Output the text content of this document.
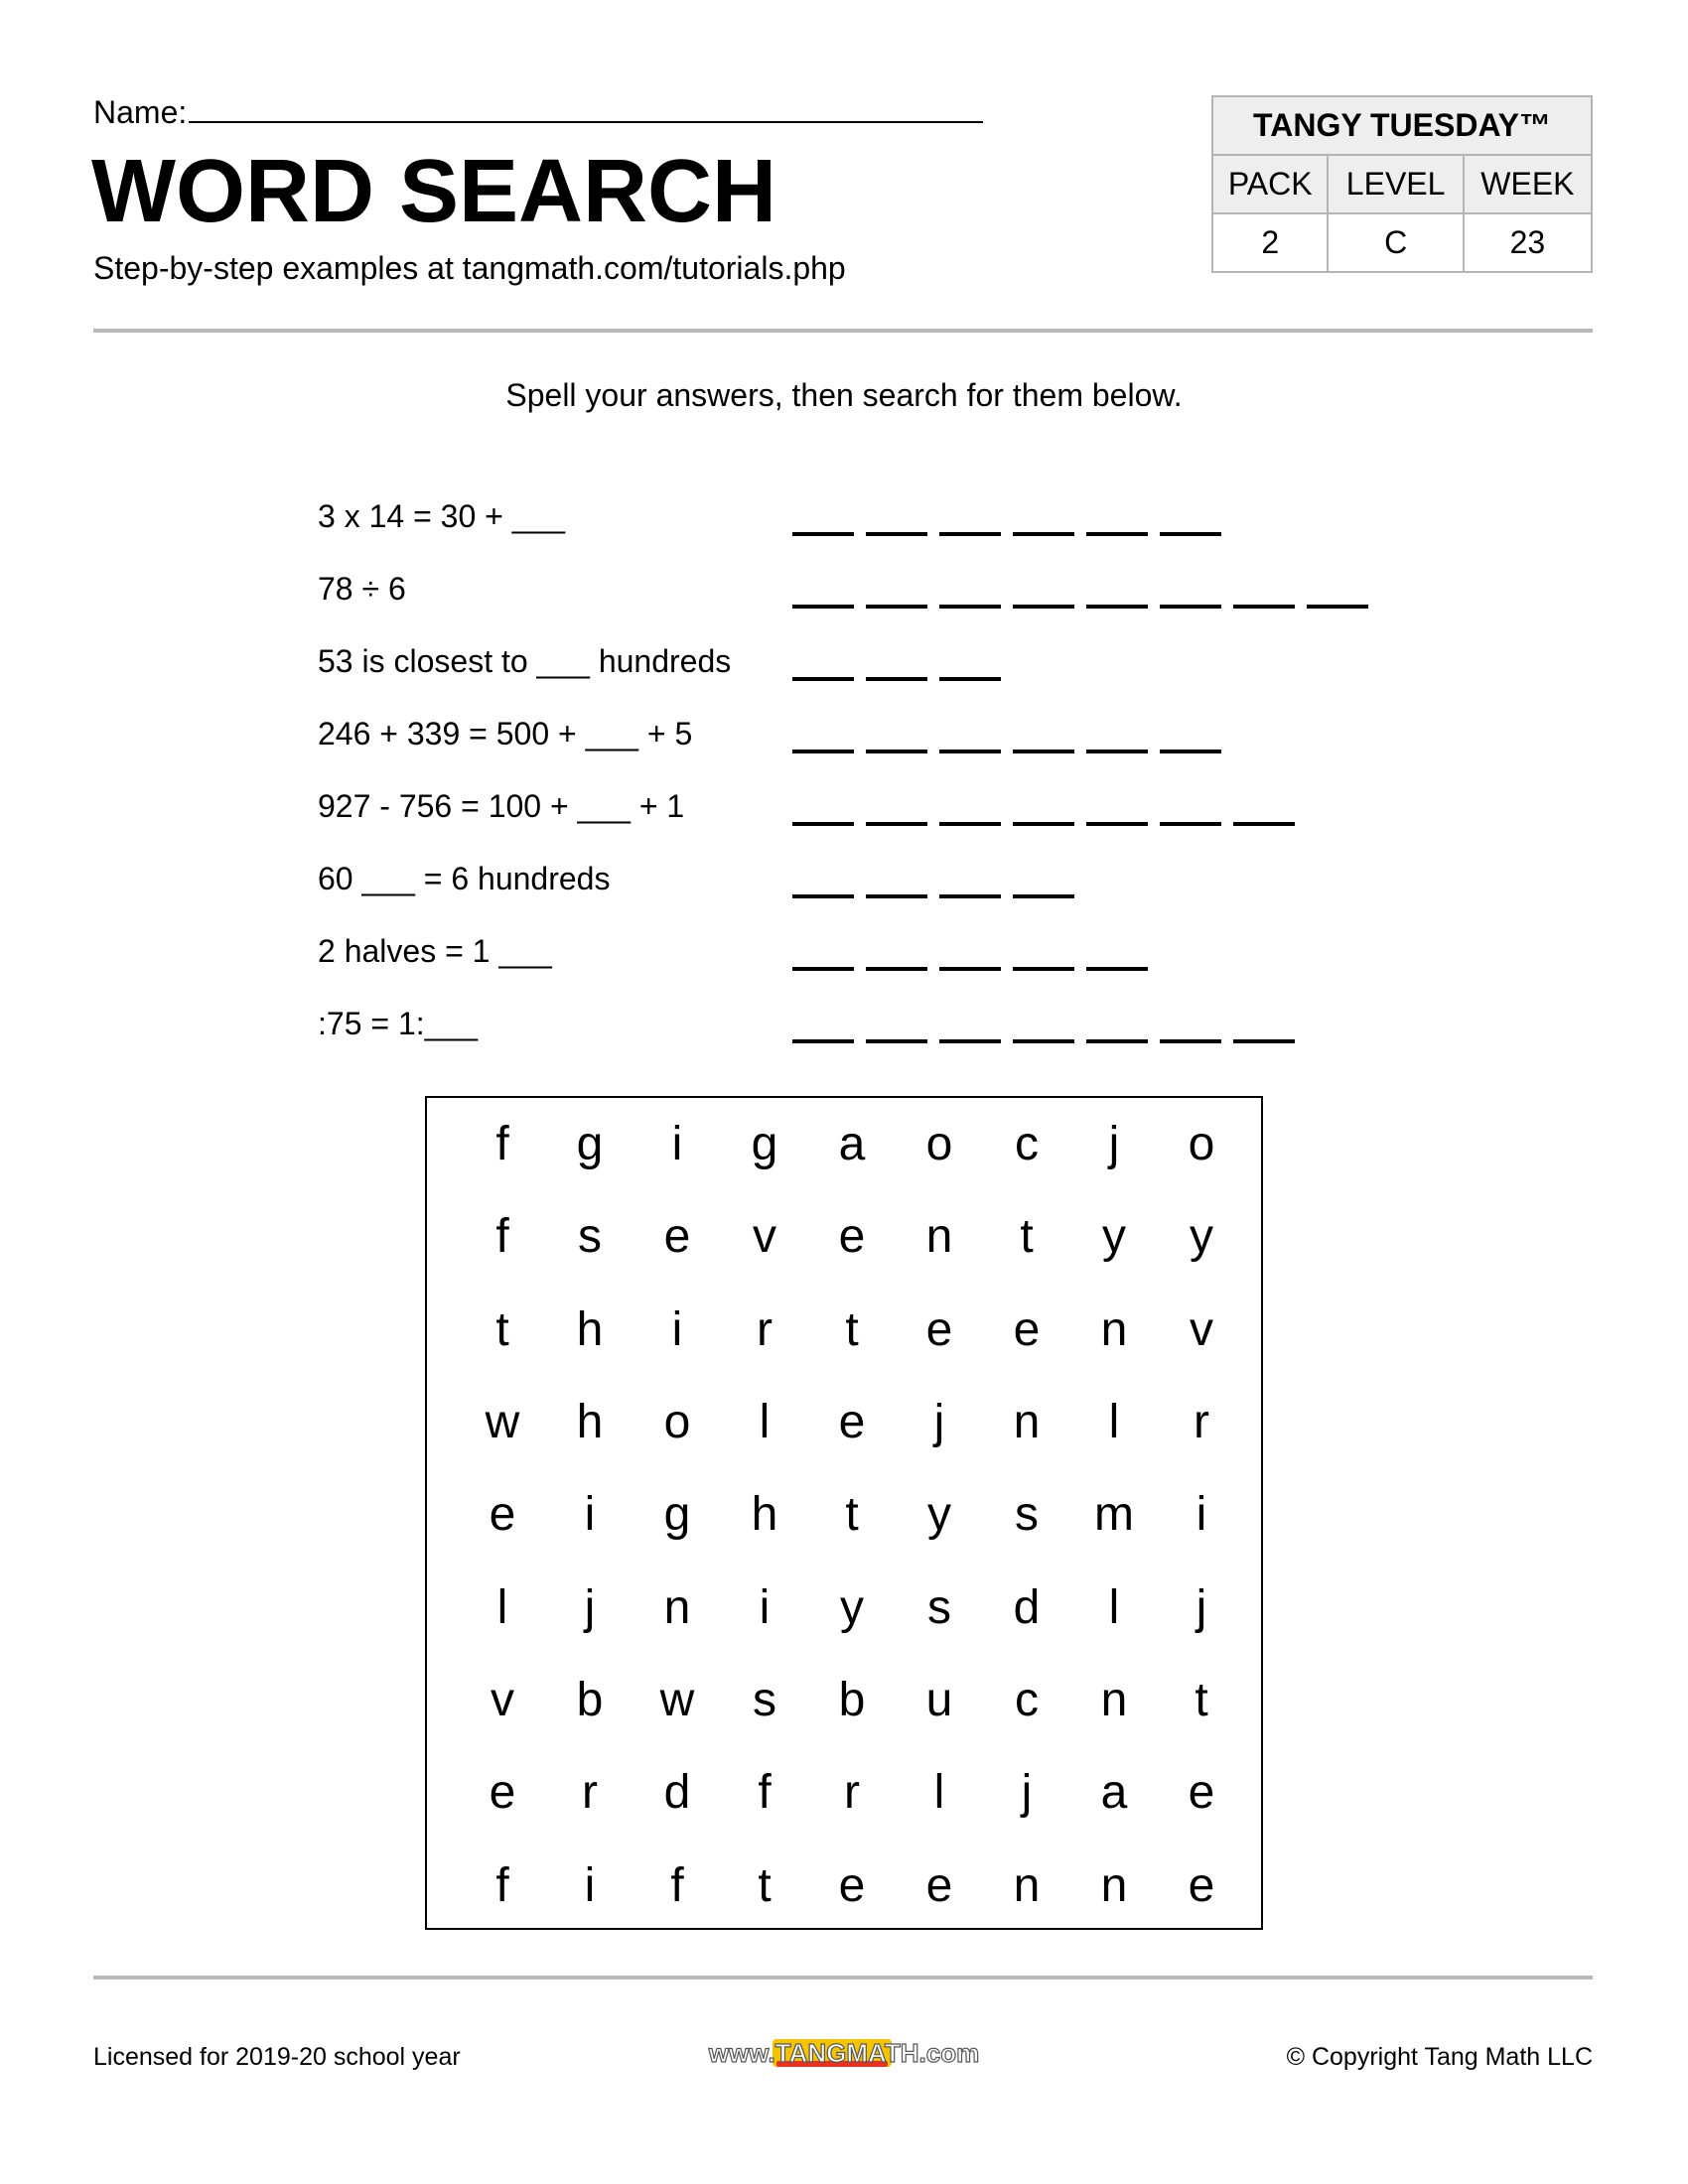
Name:
WORD SEARCH
Step-by-step examples at tangmath.com/tutorials.php
TANGY TUESDAY™		
PACK	LEVEL	WEEK
2	C	23
Spell your answers, then search for them below.
3 x 14 = 30 + ___
78 ÷ 6
53 is closest to ___ hundreds
246 + 339 = 500 + ___ + 5
927 - 756 = 100 + ___ + 1
60 ___ = 6 hundreds
2 halves = 1 ___
:75 = 1:___
f	g	i	g	a	o	c	j	o
f	s	e	v	e	n	t	y	y
t	h	i	r	t	e	e	n	v
w	h	o	l	e	j	n	l	r
e	i	g	h	t	y	s	m	i
l	j	n	i	y	s	d	l	j
v	b	w	s	b	u	c	n	t
e	r	d	f	r	l	j	a	e
f	i	f	t	e	e	n	n	e
Licensed for 2019-20 school year	www.TANGMATH.com	© Copyright Tang Math LLC
